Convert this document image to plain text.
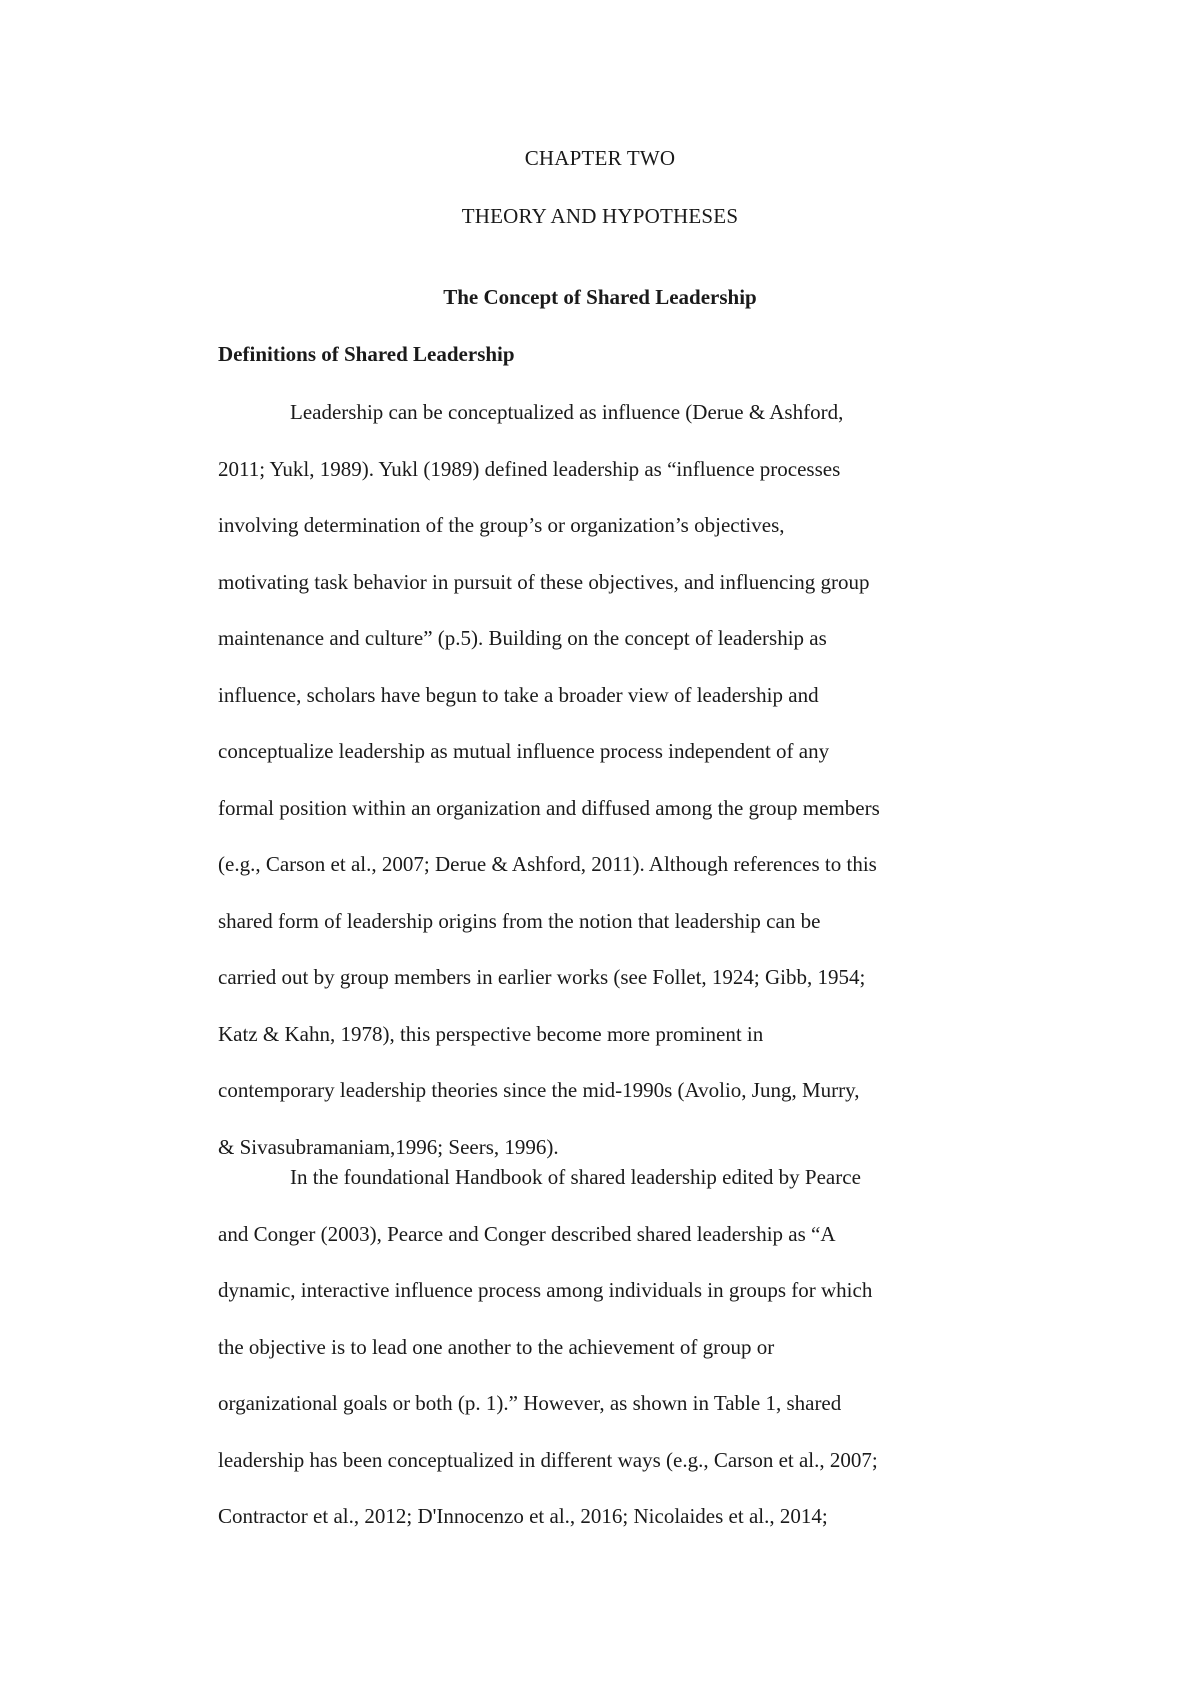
CHAPTER TWO
THEORY AND HYPOTHESES
The Concept of Shared Leadership
Definitions of Shared Leadership
Leadership can be conceptualized as influence (Derue & Ashford,
2011; Yukl, 1989). Yukl (1989) defined leadership as “influence processes
involving determination of the group’s or organization’s objectives,
motivating task behavior in pursuit of these objectives, and influencing group
maintenance and culture” (p.5). Building on the concept of leadership as
influence, scholars have begun to take a broader view of leadership and
conceptualize leadership as mutual influence process independent of any
formal position within an organization and diffused among the group members
(e.g., Carson et al., 2007; Derue & Ashford, 2011). Although references to this
shared form of leadership origins from the notion that leadership can be
carried out by group members in earlier works (see Follet, 1924; Gibb, 1954;
Katz & Kahn, 1978), this perspective become more prominent in
contemporary leadership theories since the mid-1990s (Avolio, Jung, Murry,
& Sivasubramaniam,1996; Seers, 1996).
In the foundational Handbook of shared leadership edited by Pearce
and Conger (2003), Pearce and Conger described shared leadership as “A
dynamic, interactive influence process among individuals in groups for which
the objective is to lead one another to the achievement of group or
organizational goals or both (p. 1).” However, as shown in Table 1, shared
leadership has been conceptualized in different ways (e.g., Carson et al., 2007;
Contractor et al., 2012; D'Innocenzo et al., 2016; Nicolaides et al., 2014;
